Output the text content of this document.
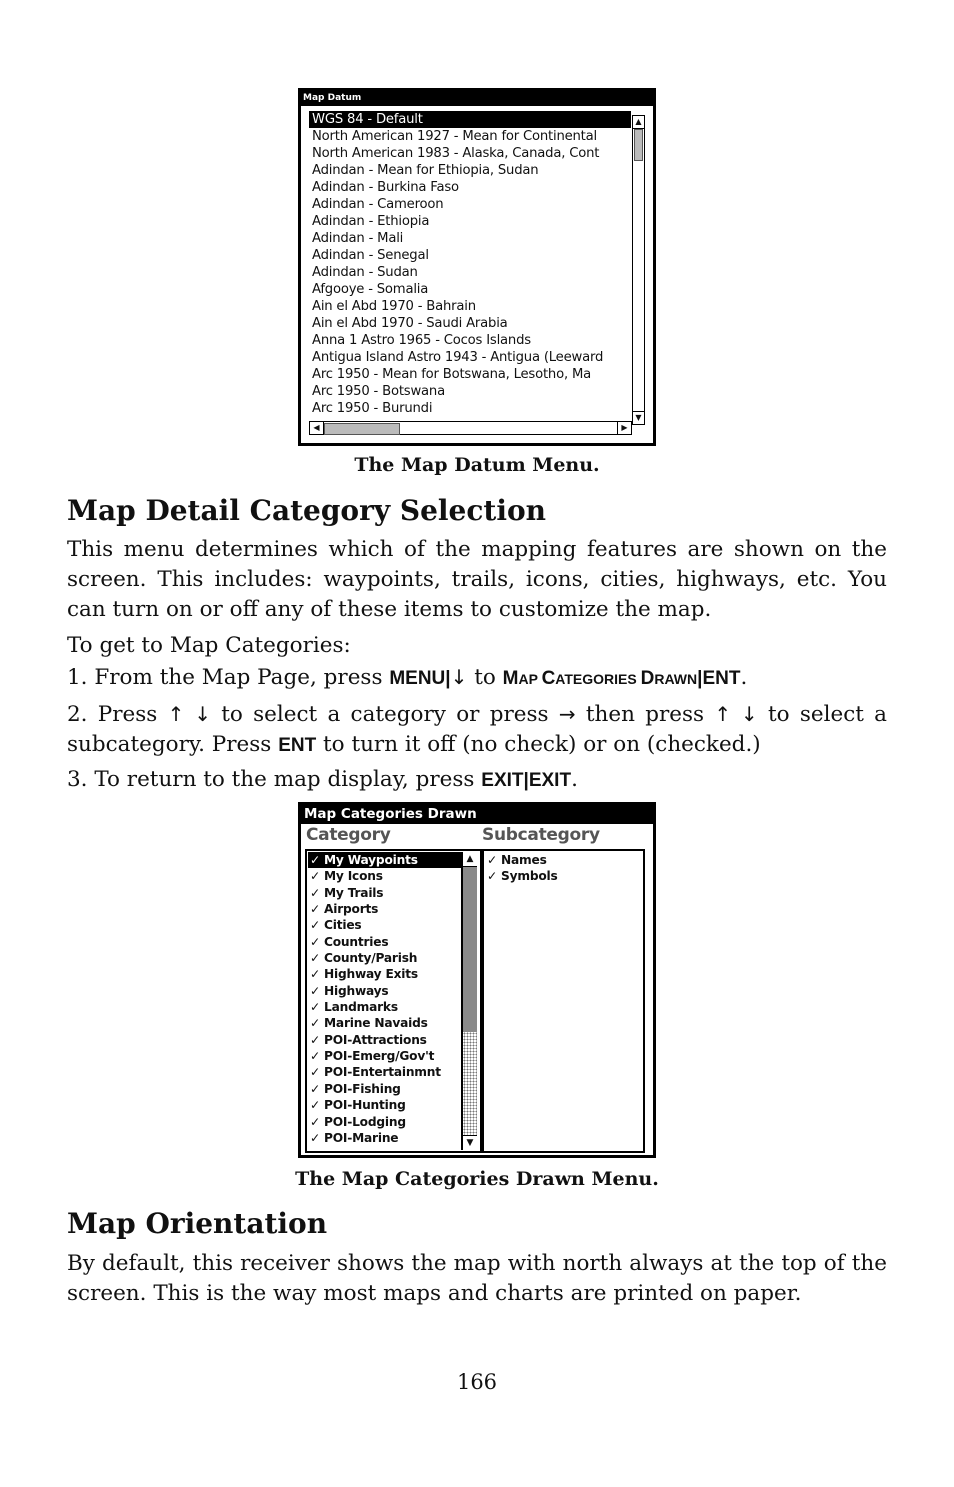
Map Datum
WGS 84 - Default
North American 1927 - Mean for Continental
North American 1983 - Alaska, Canada, Cont
Adindan - Mean for Ethiopia, Sudan
Adindan - Burkina Faso
Adindan - Cameroon
Adindan - Ethiopia
Adindan - Mali
Adindan - Senegal
Adindan - Sudan
Afgooye - Somalia
Ain el Abd 1970 - Bahrain
Ain el Abd 1970 - Saudi Arabia
Anna 1 Astro 1965 - Cocos Islands
Antigua Island Astro 1943 - Antigua (Leeward
Arc 1950 - Mean for Botswana, Lesotho, Ma
Arc 1950 - Botswana
Arc 1950 - Burundi
▲
▼
◀	▶
The Map Datum Menu.
Map Detail Category Selection
This menu determines which of the mapping features are shown on the screen. This includes: waypoints, trails, icons, cities, highways, etc. You can turn on or off any of these items to customize the map.
To get to Map Categories:
1. From the Map Page, press MENU|↓ to MAP CATEGORIES DRAWN|ENT.
2. Press ↑ ↓ to select a category or press → then press ↑ ↓ to select a subcategory. Press ENT to turn it off (no check) or on (checked.)
3. To return to the map display, press EXIT|EXIT.
Map Categories Drawn
Category	Subcategory
✓ My Waypoints
✓ My Icons
✓ My Trails
✓ Airports
✓ Cities
✓ Countries
✓ County/Parish
✓ Highway Exits
✓ Highways
✓ Landmarks
✓ Marine Navaids
✓ POI-Attractions
✓ POI-Emerg/Gov't
✓ POI-Entertainmnt
✓ POI-Fishing
✓ POI-Hunting
✓ POI-Lodging
✓ POI-Marine
▲
▼
✓ Names
✓ Symbols
The Map Categories Drawn Menu.
Map Orientation
By default, this receiver shows the map with north always at the top of the screen. This is the way most maps and charts are printed on paper.
166
